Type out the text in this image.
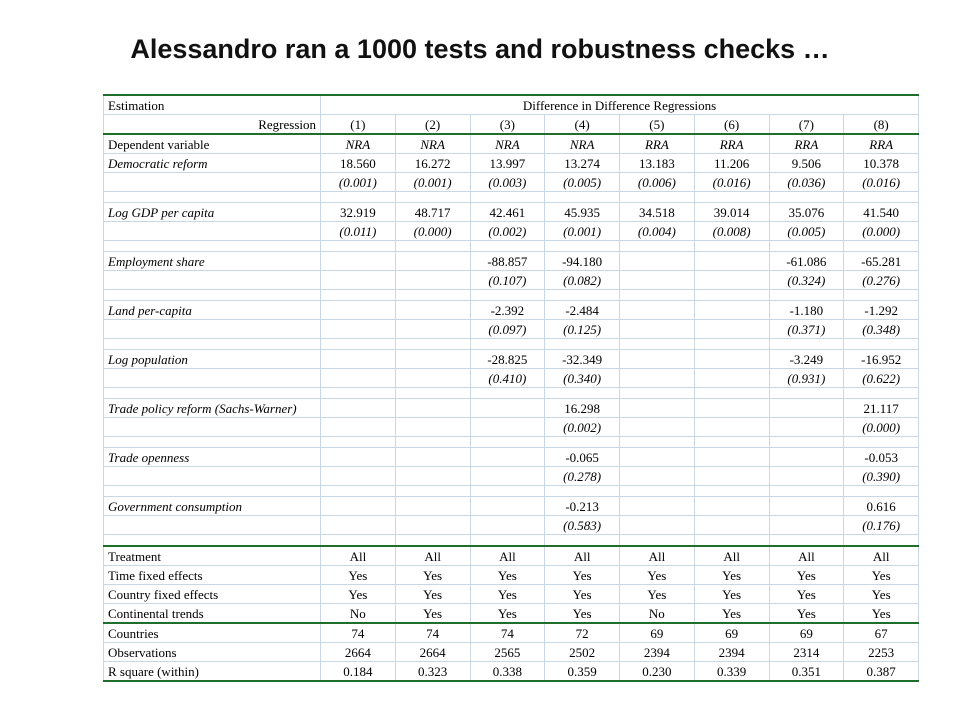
Alessandro ran a 1000 tests and robustness checks …
Estimation	Difference in Difference Regressions							
Regression	(1)	(2)	(3)	(4)	(5)	(6)	(7)	(8)
Dependent variable	NRA	NRA	NRA	NRA	RRA	RRA	RRA	RRA
Democratic reform	18.560	16.272	13.997	13.274	13.183	11.206	9.506	10.378
	(0.001)	(0.001)	(0.003)	(0.005)	(0.006)	(0.016)	(0.036)	(0.016)

Log GDP per capita	32.919	48.717	42.461	45.935	34.518	39.014	35.076	41.540
	(0.011)	(0.000)	(0.002)	(0.001)	(0.004)	(0.008)	(0.005)	(0.000)

Employment share			-88.857	-94.180			-61.086	-65.281
			(0.107)	(0.082)			(0.324)	(0.276)

Land per-capita			-2.392	-2.484			-1.180	-1.292
			(0.097)	(0.125)			(0.371)	(0.348)

Log population			-28.825	-32.349			-3.249	-16.952
			(0.410)	(0.340)			(0.931)	(0.622)

Trade policy reform (Sachs-Warner)				16.298				21.117
				(0.002)				(0.000)

Trade openness				-0.065				-0.053
				(0.278)				(0.390)

Government consumption				-0.213				0.616
				(0.583)				(0.176)

Treatment	All	All	All	All	All	All	All	All
Time fixed effects	Yes	Yes	Yes	Yes	Yes	Yes	Yes	Yes
Country fixed effects	Yes	Yes	Yes	Yes	Yes	Yes	Yes	Yes
Continental trends	No	Yes	Yes	Yes	No	Yes	Yes	Yes
Countries	74	74	74	72	69	69	69	67
Observations	2664	2664	2565	2502	2394	2394	2314	2253
R square (within)	0.184	0.323	0.338	0.359	0.230	0.339	0.351	0.387
